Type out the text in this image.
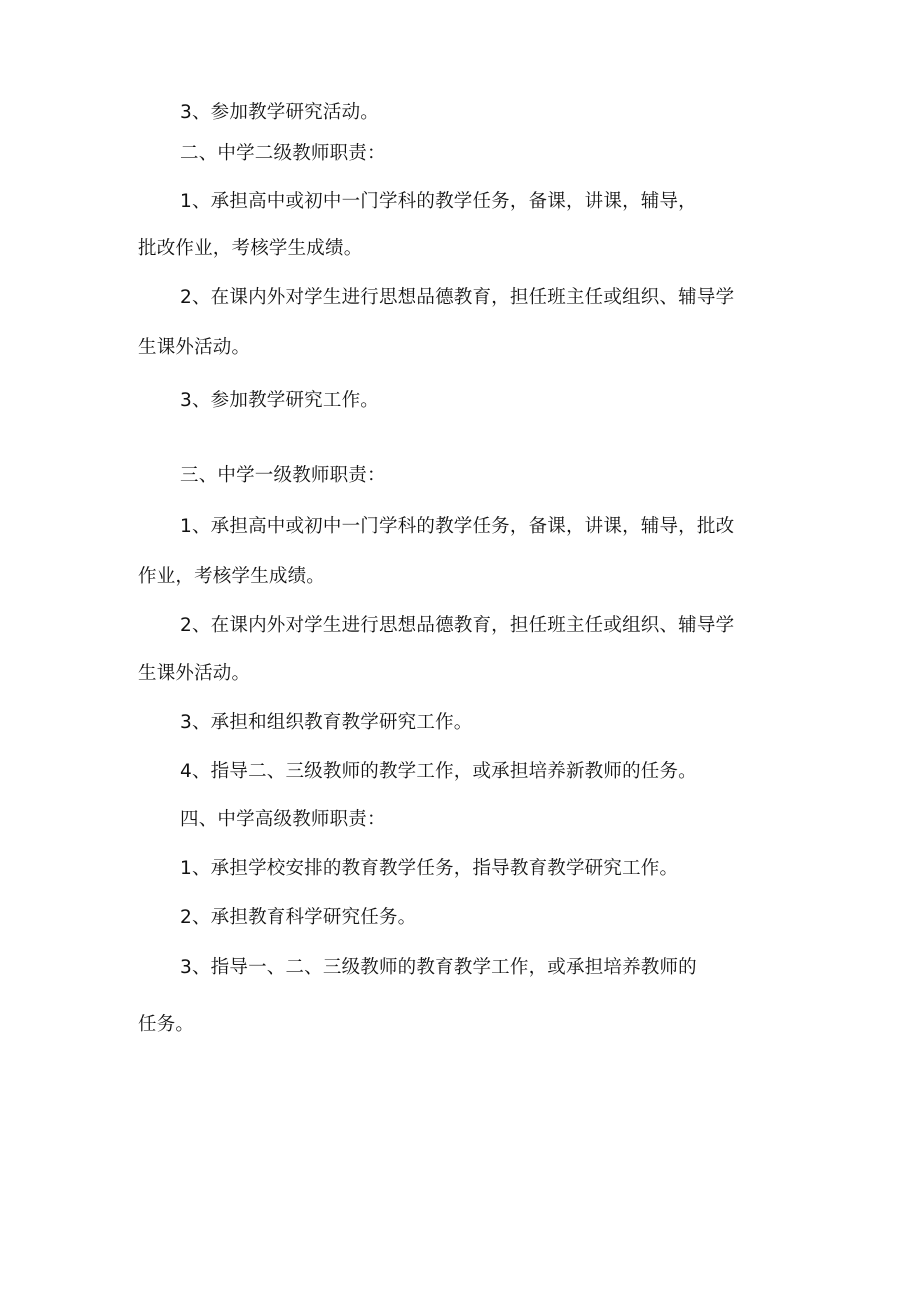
3、参加教学研究活动。
二、中学二级教师职责：
1、承担高中或初中一门学科的教学任务，备课，讲课，辅导，
批改作业，考核学生成绩。
2、在课内外对学生进行思想品德教育，担任班主任或组织、辅导学
生课外活动。
3、参加教学研究工作。
三、中学一级教师职责：
1、承担高中或初中一门学科的教学任务，备课，讲课，辅导，批改
作业，考核学生成绩。
2、在课内外对学生进行思想品德教育，担任班主任或组织、辅导学
生课外活动。
3、承担和组织教育教学研究工作。
4、指导二、三级教师的教学工作，或承担培养新教师的任务。
四、中学高级教师职责：
1、承担学校安排的教育教学任务，指导教育教学研究工作。
2、承担教育科学研究任务。
3、指导一、二、三级教师的教育教学工作，或承担培养教师的
任务。
